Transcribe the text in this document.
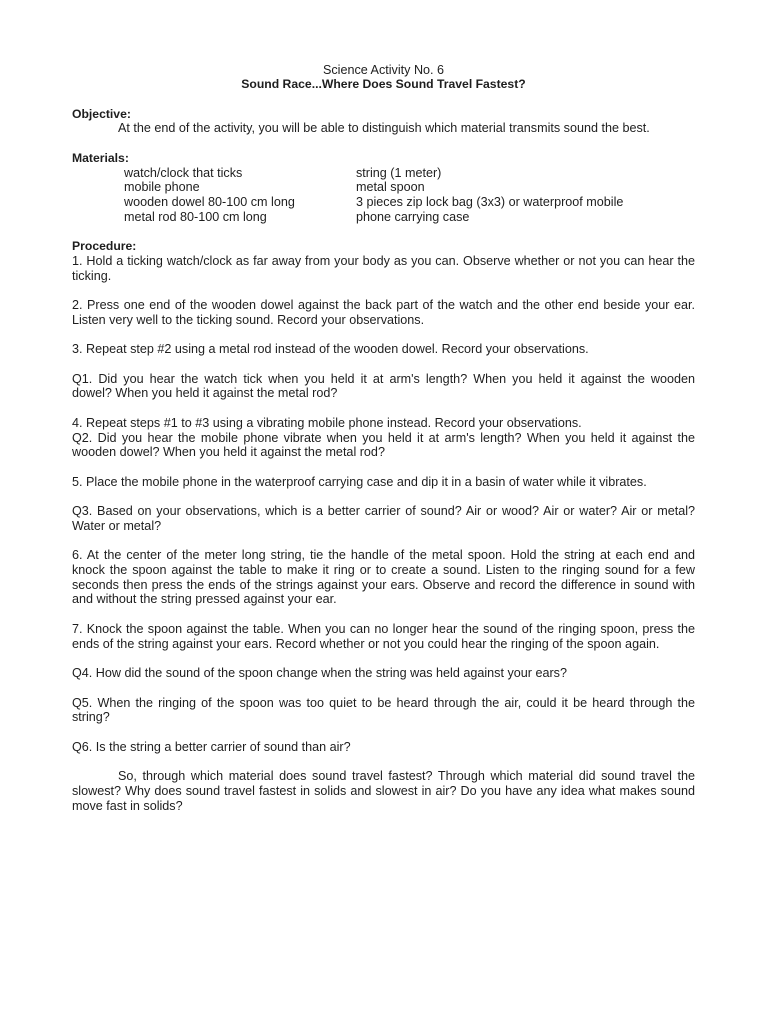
Science Activity No. 6
Sound Race...Where Does Sound Travel Fastest?
Objective:
At the end of the activity, you will be able to distinguish which material transmits sound the best.
Materials:
watch/clock that ticks	string (1 meter)
mobile phone	metal spoon
wooden dowel 80-100 cm long	3 pieces zip lock bag (3x3) or waterproof mobile
metal rod 80-100 cm long	phone carrying case
Procedure:
1. Hold a ticking watch/clock as far away from your body as you can. Observe whether or not you can hear the
ticking.
2. Press one end of the wooden dowel against the back part of the watch and the other end beside your ear.
Listen very well to the ticking sound. Record your observations.
3. Repeat step #2 using a metal rod instead of the wooden dowel. Record your observations.
Q1. Did you hear the watch tick when you held it at arm's length? When you held it against the wooden
dowel? When you held it against the metal rod?
4. Repeat steps #1 to #3 using a vibrating mobile phone instead. Record your observations.
Q2. Did you hear the mobile phone vibrate when you held it at arm's length? When you held it against the
wooden dowel? When you held it against the metal rod?
5. Place the mobile phone in the waterproof carrying case and dip it in a basin of water while it vibrates.
Q3. Based on your observations, which is a better carrier of sound? Air or wood? Air or water? Air or metal?
Water or metal?
6. At the center of the meter long string, tie the handle of the metal spoon. Hold the string at each end and
knock the spoon against the table to make it ring or to create a sound. Listen to the ringing sound for a few
seconds then press the ends of the strings against your ears. Observe and record the difference in sound with
and without the string pressed against your ear.
7. Knock the spoon against the table. When you can no longer hear the sound of the ringing spoon, press the
ends of the string against your ears. Record whether or not you could hear the ringing of the spoon again.
Q4. How did the sound of the spoon change when the string was held against your ears?
Q5. When the ringing of the spoon was too quiet to be heard through the air, could it be heard through the
string?
Q6. Is the string a better carrier of sound than air?
So, through which material does sound travel fastest? Through which material did sound travel the
slowest? Why does sound travel fastest in solids and slowest in air? Do you have any idea what makes sound
move fast in solids?
